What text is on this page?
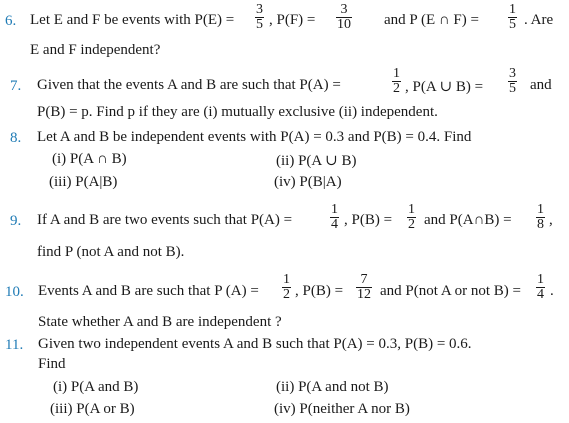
6. Let E and F be events with $P(E) = \frac{3}{5}$ , $P(F) = \frac{3}{10}$ and P (E ∩ $F) = \frac{1}{5}$ . Are
E and F independent?
7. Given that the events A and B are such that P(A) =	$\frac{1}{2}$ , P(A ∪ $B) = \frac{3}{5}$ and
P(B) = p. Find p if they are (i) mutually exclusive (ii) independent.
8. Let A and B be independent events with P(A) = 0.3 and P(B) = 0.4. Find
(i) P(A ∩ B)	(ii) P(A ∪ B)
(iii) P(A|B)	(iv) P(B|A)
9. If A and B are two events such that P(A) =	$\frac{1}{4}$ , $P(B) = \frac{1}{2}$ and P(A∩B) = $\frac{1}{8}$ ,
find P (not A and not B).
10. Events A and B are such that P $(A) = \frac{1}{2}$ , $P(B) = \frac{7}{12}$ and P(not A or not $B) = \frac{1}{4}$ .
State whether A and B are independent ?
11. Given two independent events A and B such that P(A) = 0.3, P(B) = 0.6.
Find
(i) P(A and B)	(ii) P(A and not B)
(iii) P(A or B)	(iv) P(neither A nor B)
